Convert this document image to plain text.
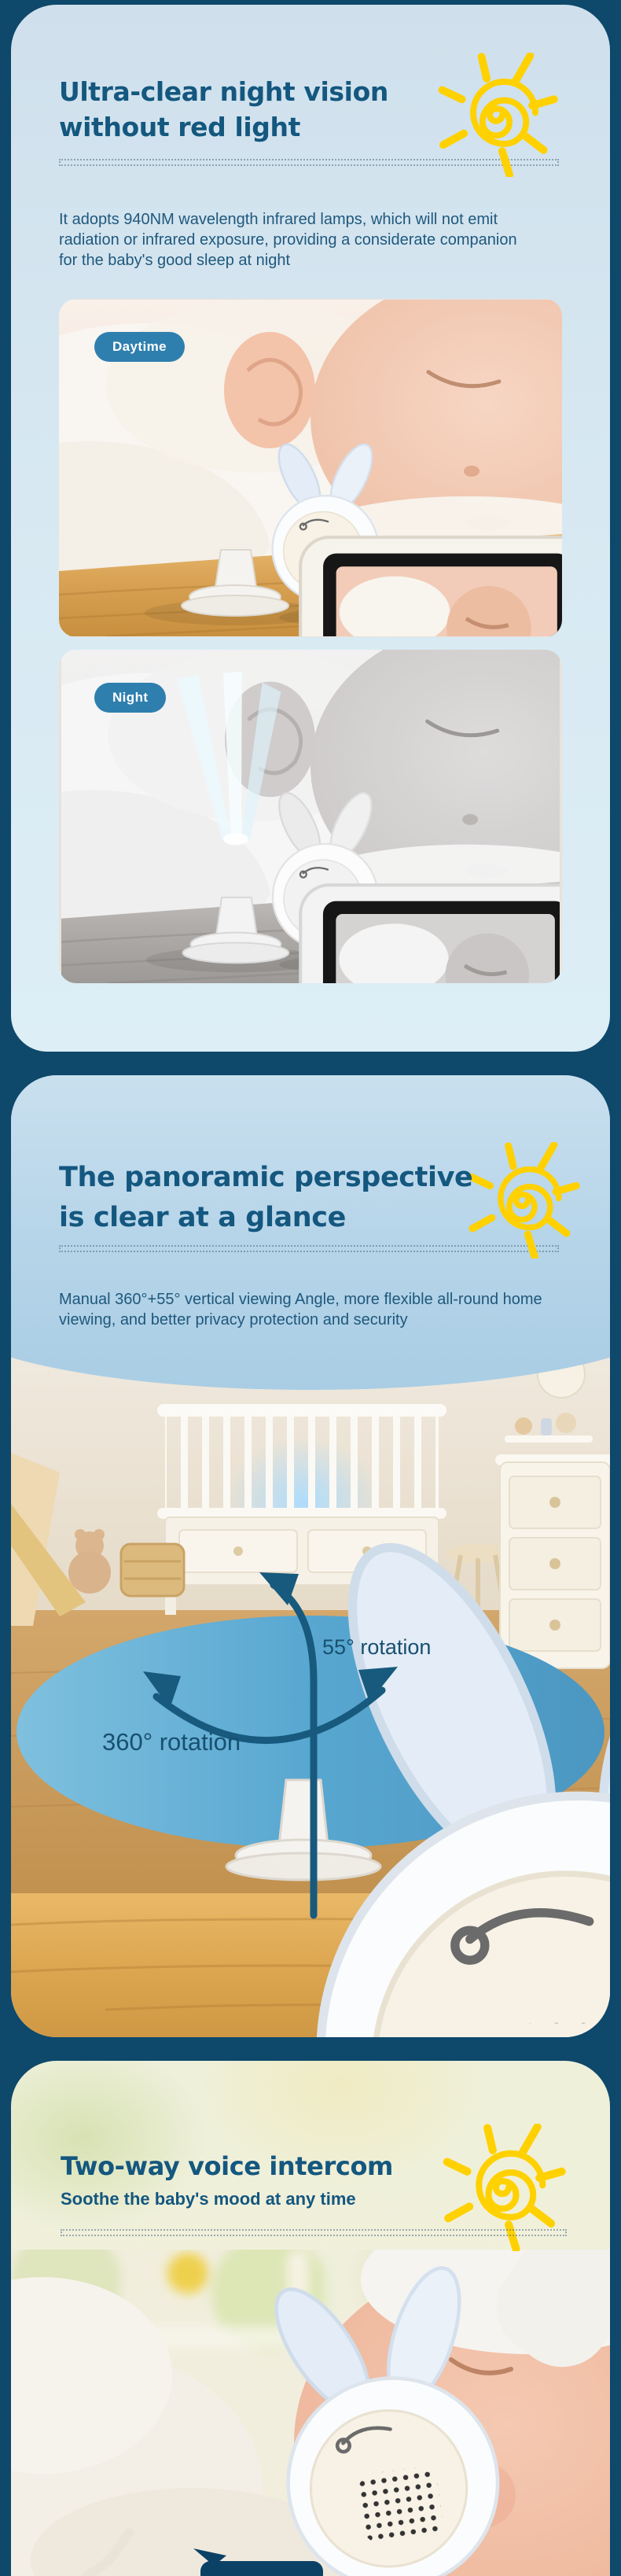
Ultra-clear night vision
without red light

It adopts 940NM wavelength infrared lamps, which will not emit radiation or infrared exposure, providing a considerate companion for the baby's good sleep at night

Daytime
Night
The panoramic perspective
is clear at a glance

Manual 360°+55° vertical viewing Angle, more flexible all-round home viewing, and better privacy protection and security

55° rotation
360° rotation
Two-way voice intercom
Soothe the baby's mood at any time
